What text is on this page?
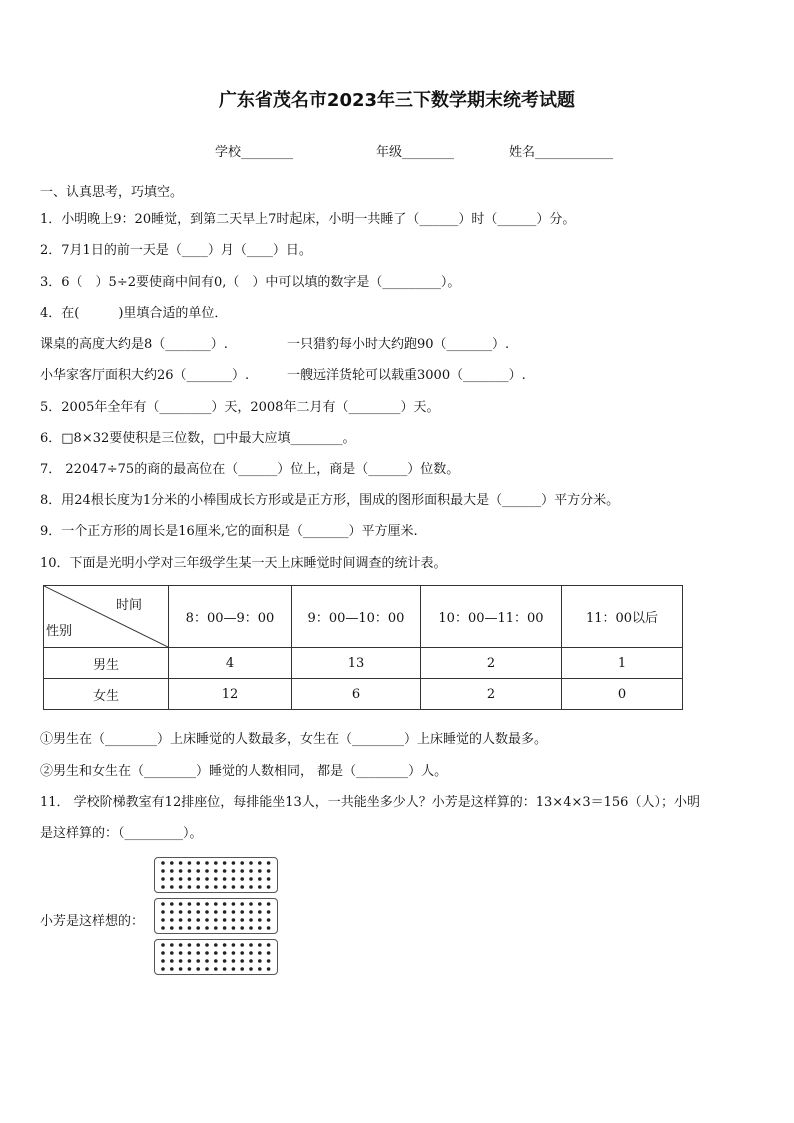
广东省茂名市2023年三下数学期末统考试题
学校________	年级________	姓名____________
一、认真思考，巧填空。
1．小明晚上9：20睡觉，到第二天早上7时起床，小明一共睡了（______）时（______）分。
2．7月1日的前一天是（____）月（____）日。
3．6（　）5÷2要使商中间有0,（　）中可以填的数字是（_________）。
4．在(　　　)里填合适的单位．
课桌的高度大约是8（_______）.	一只猎豹每小时大约跑90（_______）.
小华家客厅面积大约26（_______）.	一艘远洋货轮可以载重3000（_______）.
5．2005年全年有（________）天，2008年二月有（________）天。
6．□8×32要使积是三位数，□中最大应填________。
7． 22047÷75的商的最高位在（______）位上，商是（______）位数。
8．用24根长度为1分米的小棒围成长方形或是正方形，围成的图形面积最大是（______）平方分米。
9．一个正方形的周长是16厘米,它的面积是（_______）平方厘米.
10．下面是光明小学对三年级学生某一天上床睡觉时间调查的统计表。
时间
性别	8：00—9：00	9：00—10：00	10：00—11：00	11：00以后
男生	4	13	2	1
女生	12	6	2	0
①男生在（________）上床睡觉的人数最多，女生在（________）上床睡觉的人数最多。
②男生和女生在（________）睡觉的人数相同， 都是（________）人。
11． 学校阶梯教室有12排座位，每排能坐13人，一共能坐多少人？小芳是这样算的：13×4×3＝156（人）；小明
是这样算的：（_________）。
小芳是这样想的：
